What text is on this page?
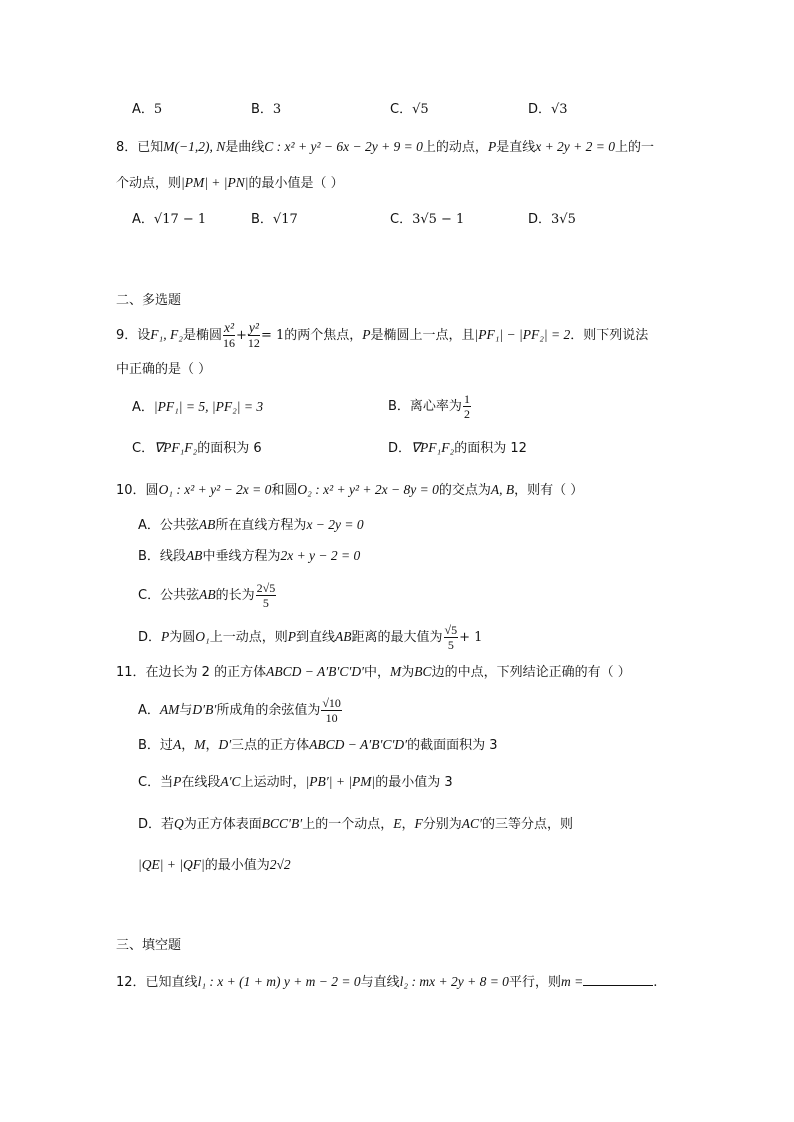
A．5	B．3	C．√5	D．√3
8．已知M(−1,2), N是曲线C : x² + y² − 6x − 2y + 9 = 0上的动点，P是直线x + 2y + 2 = 0上的一
个动点，则|PM| + |PN|的最小值是（ ）
A．√17 − 1	B．√17	C．3√5 − 1	D．3√5
二、多选题
9．设F₁, F₂是椭圆 $\frac{\text{x²}}{16} + \frac{\text{y²}}{12} = 1$的两个焦点，P是椭圆上一点，且|PF₁| − |PF₂| = 2．则下列说法
中正确的是（ ）
A．|PF₁| = 5, |PF₂| = 3	B．离心率为 $\frac{1}{2}$
C．∇PF₁F₂的面积为 6	D．∇PF₁F₂的面积为 12
10．圆O₁ : x² + y² − 2x = 0和圆O₂ : x² + y² + 2x − 8y = 0的交点为A, B，则有（ ）
A．公共弦AB所在直线方程为x − 2y = 0
B．线段AB中垂线方程为2x + y − 2 = 0
C．公共弦AB的长为 $\frac{2√5}{5}$
D．P为圆O₁上一动点，则P到直线AB距离的最大值为 $\frac{√5}{5} + 1$
11．在边长为 2 的正方体ABCD − A′B′C′D′中，M为BC边的中点，下列结论正确的有（ ）
A．AM与D′B′所成角的余弦值为 $\frac{√10}{10}$
B．过A，M，D′三点的正方体ABCD − A′B′C′D′的截面面积为 3
C．当P在线段A′C上运动时，|PB′| + |PM|的最小值为 3
D．若Q为正方体表面BCC′B′上的一个动点，E，F分别为AC′的三等分点，则
|QE| + |QF|的最小值为2√2
三、填空题
12．已知直线l₁ : x + (1 + m) y + m − 2 = 0与直线l₂ : mx + 2y + 8 = 0平行，则m =	.
